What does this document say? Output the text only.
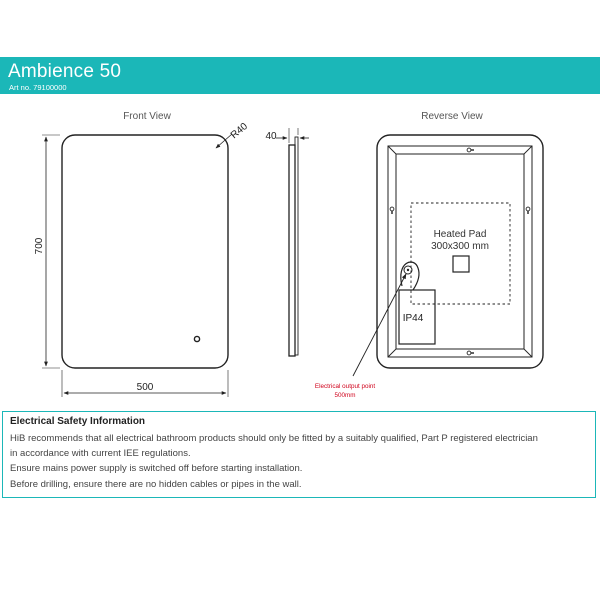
Ambience 50
Art no. 79100000
Front View
R40
700
500
40
Reverse View
Heated Pad
300x300 mm
IP44
Electrical output point
500mm
Electrical Safety Information
HiB recommends that all electrical bathroom products should only be fitted by a suitably qualified, Part P registered electrician
in accordance with current IEE regulations.
Ensure mains power supply is switched off before starting installation.
Before drilling, ensure there are no hidden cables or pipes in the wall.
